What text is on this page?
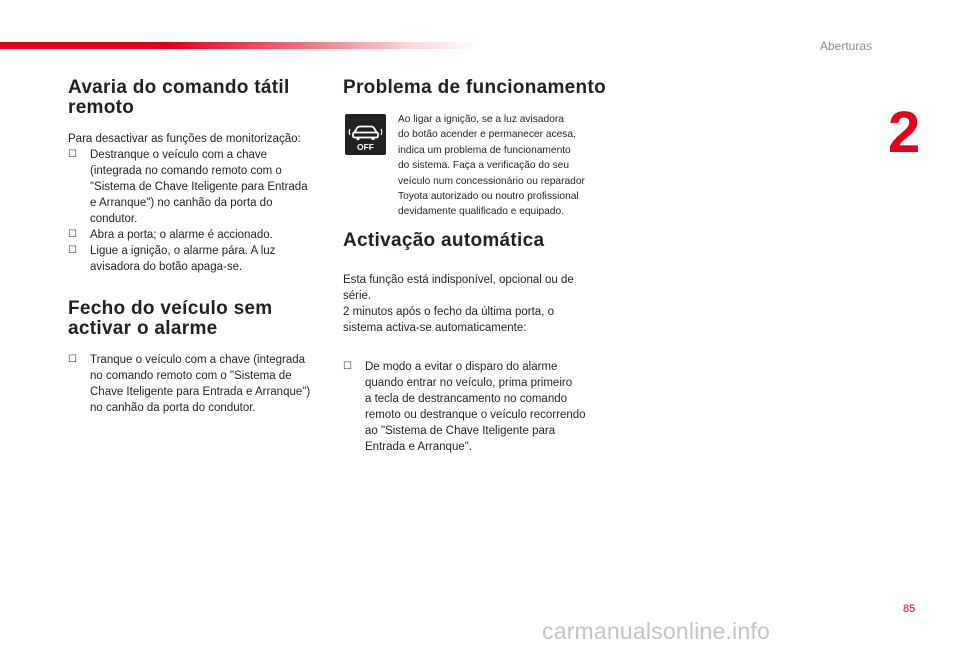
Aberturas
2
Avaria do comando tátil
remoto

Para desactivar as funções de monitorização:

☐ Destranque o veículo com a chave
(integrada no comando remoto com o
"Sistema de Chave Iteligente para Entrada
e Arranque") no canhão da porta do
condutor.
☐ Abra a porta; o alarme é accionado.
☐ Ligue a ignição, o alarme pára. A luz
avisadora do botão apaga-se.
Fecho do veículo sem
activar o alarme
☐ Tranque o veículo com a chave (integrada
no comando remoto com o "Sistema de
Chave Iteligente para Entrada e Arranque")
no canhão da porta do condutor.
Problema de funcionamento
OFF
Ao ligar a ignição, se a luz avisadora
do botão acender e permanecer acesa,
indica um problema de funcionamento
do sistema. Faça a verificação do seu
veículo num concessionário ou reparador
Toyota autorizado ou noutro profissional
devidamente qualificado e equipado.
Activação automática

Esta função está indisponível, opcional ou de
série.
2 minutos após o fecho da última porta, o
sistema activa-se automaticamente:

☐ De modo a evitar o disparo do alarme
quando entrar no veículo, prima primeiro
a tecla de destrancamento no comando
remoto ou destranque o veículo recorrendo
ao "Sistema de Chave Iteligente para
Entrada e Arranque".
85
carmanualsonline.info
